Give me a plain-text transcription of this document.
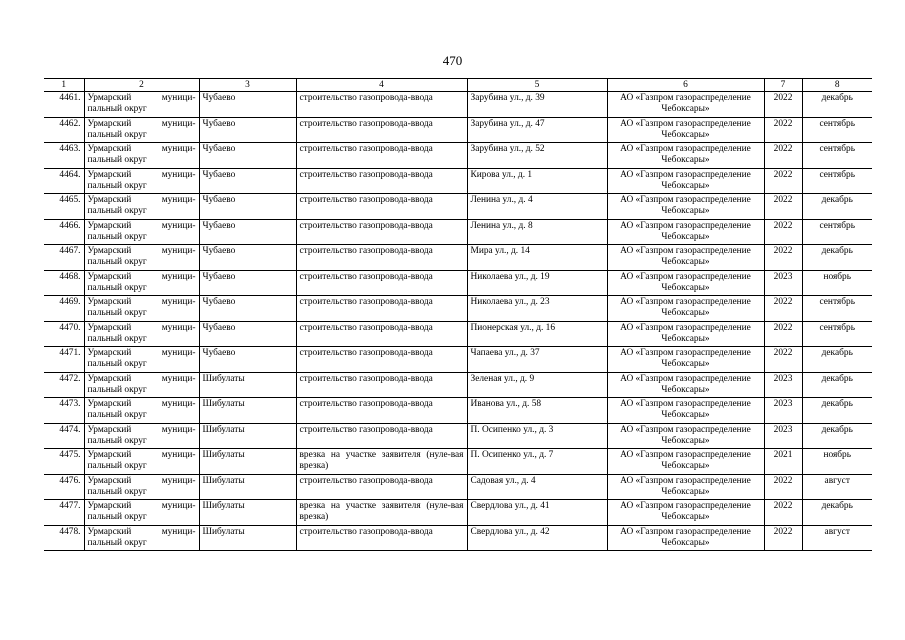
470
1	2	3	4	5	6	7	8
4461.	Урмарский муници-
пальный округ	Чубаево	строительство газопровода-ввода	Зарубина ул., д. 39	АО «Газпром газораспределение
Чебоксары»	2022	декабрь
4462.	Урмарский муници-
пальный округ	Чубаево	строительство газопровода-ввода	Зарубина ул., д. 47	АО «Газпром газораспределение
Чебоксары»	2022	сентябрь
4463.	Урмарский муници-
пальный округ	Чубаево	строительство газопровода-ввода	Зарубина ул., д. 52	АО «Газпром газораспределение
Чебоксары»	2022	сентябрь
4464.	Урмарский муници-
пальный округ	Чубаево	строительство газопровода-ввода	Кирова ул., д. 1	АО «Газпром газораспределение
Чебоксары»	2022	сентябрь
4465.	Урмарский муници-
пальный округ	Чубаево	строительство газопровода-ввода	Ленина ул., д. 4	АО «Газпром газораспределение
Чебоксары»	2022	декабрь
4466.	Урмарский муници-
пальный округ	Чубаево	строительство газопровода-ввода	Ленина ул., д. 8	АО «Газпром газораспределение
Чебоксары»	2022	сентябрь
4467.	Урмарский муници-
пальный округ	Чубаево	строительство газопровода-ввода	Мира ул., д. 14	АО «Газпром газораспределение
Чебоксары»	2022	декабрь
4468.	Урмарский муници-
пальный округ	Чубаево	строительство газопровода-ввода	Николаева ул., д. 19	АО «Газпром газораспределение
Чебоксары»	2023	ноябрь
4469.	Урмарский муници-
пальный округ	Чубаево	строительство газопровода-ввода	Николаева ул., д. 23	АО «Газпром газораспределение
Чебоксары»	2022	сентябрь
4470.	Урмарский муници-
пальный округ	Чубаево	строительство газопровода-ввода	Пионерская ул., д. 16	АО «Газпром газораспределение
Чебоксары»	2022	сентябрь
4471.	Урмарский муници-
пальный округ	Чубаево	строительство газопровода-ввода	Чапаева ул., д. 37	АО «Газпром газораспределение
Чебоксары»	2022	декабрь
4472.	Урмарский муници-
пальный округ	Шибулаты	строительство газопровода-ввода	Зеленая ул., д. 9	АО «Газпром газораспределение
Чебоксары»	2023	декабрь
4473.	Урмарский муници-
пальный округ	Шибулаты	строительство газопровода-ввода	Иванова ул., д. 58	АО «Газпром газораспределение
Чебоксары»	2023	декабрь
4474.	Урмарский муници-
пальный округ	Шибулаты	строительство газопровода-ввода	П. Осипенко ул., д. 3	АО «Газпром газораспределение
Чебоксары»	2023	декабрь
4475.	Урмарский муници-
пальный округ	Шибулаты	врезка на участке заявителя (нуле-вая врезка)	П. Осипенко ул., д. 7	АО «Газпром газораспределение
Чебоксары»	2021	ноябрь
4476.	Урмарский муници-
пальный округ	Шибулаты	строительство газопровода-ввода	Садовая ул., д. 4	АО «Газпром газораспределение
Чебоксары»	2022	август
4477.	Урмарский муници-
пальный округ	Шибулаты	врезка на участке заявителя (нуле-вая врезка)	Свердлова ул., д. 41	АО «Газпром газораспределение
Чебоксары»	2022	декабрь
4478.	Урмарский муници-
пальный округ	Шибулаты	строительство газопровода-ввода	Свердлова ул., д. 42	АО «Газпром газораспределение
Чебоксары»	2022	август
